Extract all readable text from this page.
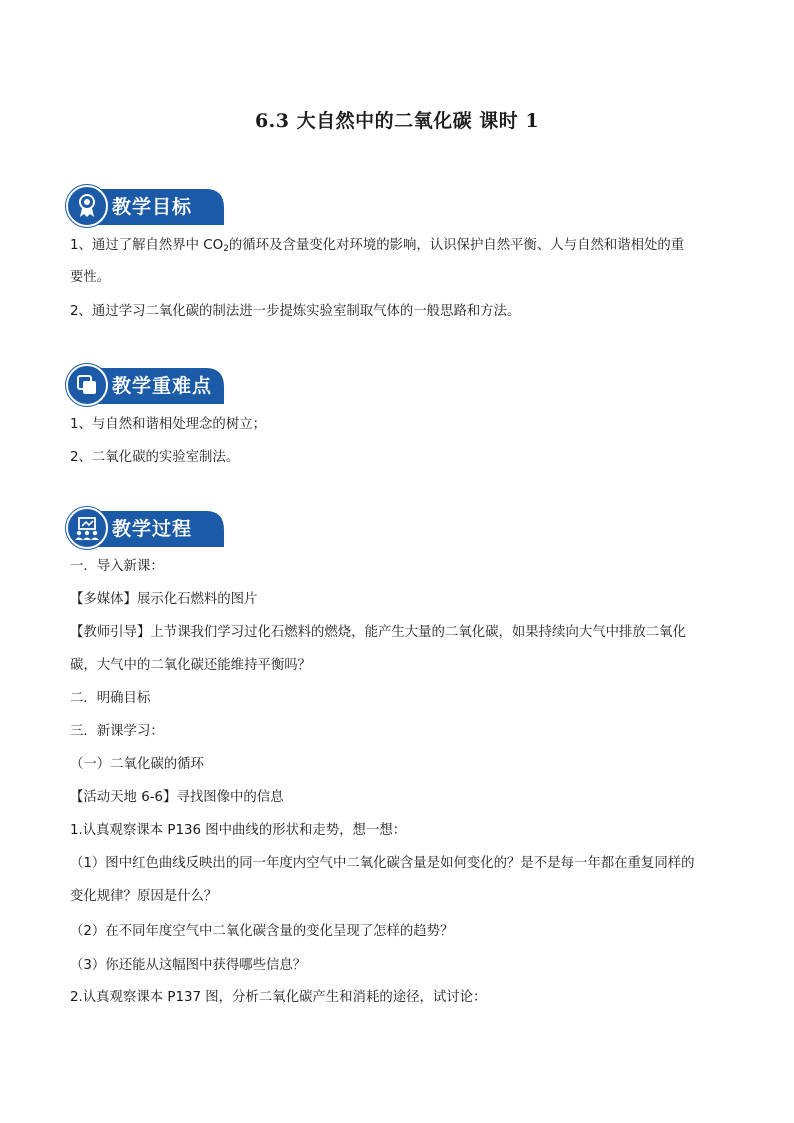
6.3 大自然中的二氧化碳 课时 1
教学目标
1、通过了解自然界中 $CO_2$的循环及含量变化对环境的影响，认识保护自然平衡、人与自然和谐相处的重
要性。
2、通过学习二氧化碳的制法进一步提炼实验室制取气体的一般思路和方法。
教学重难点
1、与自然和谐相处理念的树立；
2、二氧化碳的实验室制法。
教学过程
一．导入新课：
【多媒体】展示化石燃料的图片
【教师引导】上节课我们学习过化石燃料的燃烧，能产生大量的二氧化碳，如果持续向大气中排放二氧化
碳，大气中的二氧化碳还能维持平衡吗？
二．明确目标
三．新课学习：
（一）二氧化碳的循环
【活动天地 6-6】寻找图像中的信息
1.认真观察课本 P136 图中曲线的形状和走势，想一想：
（1）图中红色曲线反映出的同一年度内空气中二氧化碳含量是如何变化的？是不是每一年都在重复同样的
变化规律？原因是什么？
（2）在不同年度空气中二氧化碳含量的变化呈现了怎样的趋势？
（3）你还能从这幅图中获得哪些信息？
2.认真观察课本 P137 图，分析二氧化碳产生和消耗的途径，试讨论：
